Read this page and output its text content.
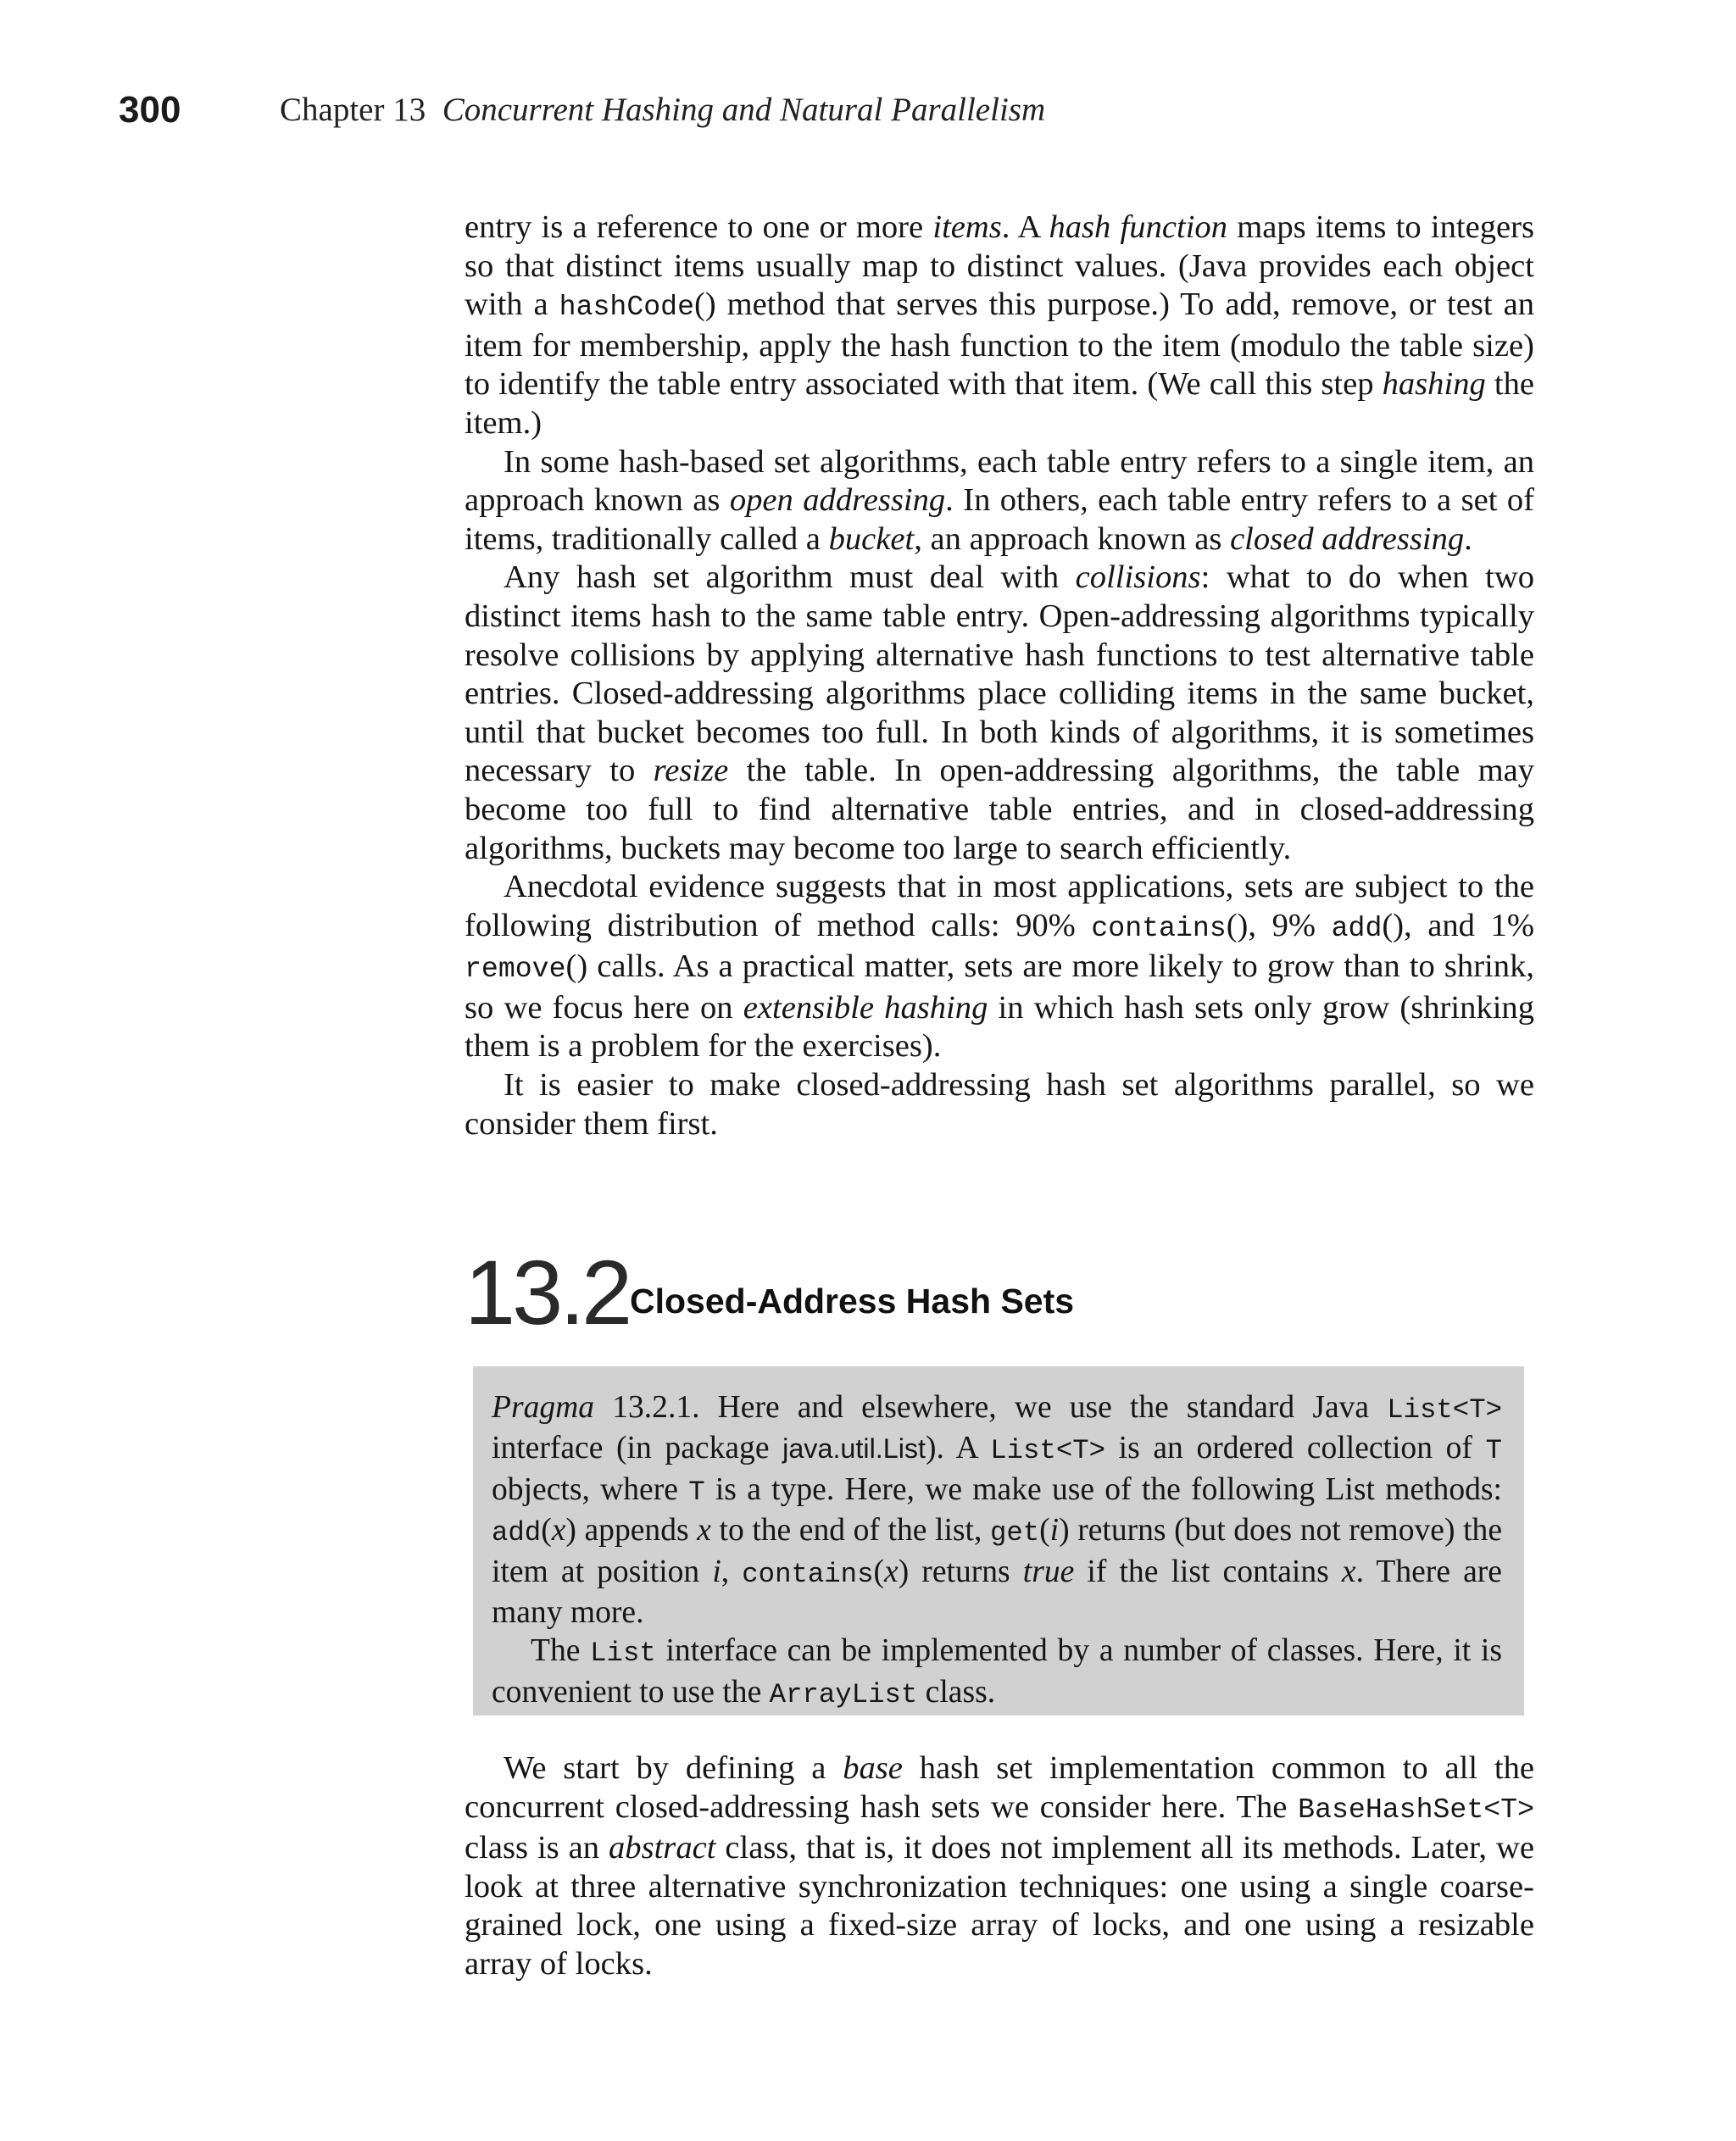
300	Chapter 13 Concurrent Hashing and Natural Parallelism

entry is a reference to one or more items. A hash function maps items to integers so that distinct items usually map to distinct values. (Java provides each object with a hashCode() method that serves this purpose.) To add, remove, or test an item for membership, apply the hash function to the item (modulo the table size) to identify the table entry associated with that item. (We call this step hashing the item.)

In some hash-based set algorithms, each table entry refers to a single item, an approach known as open addressing. In others, each table entry refers to a set of items, traditionally called a bucket, an approach known as closed addressing.

Any hash set algorithm must deal with collisions: what to do when two distinct items hash to the same table entry. Open-addressing algorithms typically resolve collisions by applying alternative hash functions to test alternative table entries. Closed-addressing algorithms place colliding items in the same bucket, until that bucket becomes too full. In both kinds of algorithms, it is sometimes necessary to resize the table. In open-addressing algorithms, the table may become too full to find alternative table entries, and in closed-addressing algorithms, buckets may become too large to search efficiently.

Anecdotal evidence suggests that in most applications, sets are subject to the following distribution of method calls: 90% contains(), 9% add(), and 1% remove() calls. As a practical matter, sets are more likely to grow than to shrink, so we focus here on extensible hashing in which hash sets only grow (shrinking them is a problem for the exercises).

It is easier to make closed-addressing hash set algorithms parallel, so we consider them first.

13.2 Closed-Address Hash Sets

Pragma 13.2.1. Here and elsewhere, we use the standard Java List<T> interface (in package java.util.List). A List<T> is an ordered collection of T objects, where T is a type. Here, we make use of the following List methods: add(x) appends x to the end of the list, get(i) returns (but does not remove) the item at position i, contains(x) returns true if the list contains x. There are many more.

The List interface can be implemented by a number of classes. Here, it is convenient to use the ArrayList class.

We start by defining a base hash set implementation common to all the concurrent closed-addressing hash sets we consider here. The BaseHashSet<T> class is an abstract class, that is, it does not implement all its methods. Later, we look at three alternative synchronization techniques: one using a single coarse-grained lock, one using a fixed-size array of locks, and one using a resizable array of locks.
